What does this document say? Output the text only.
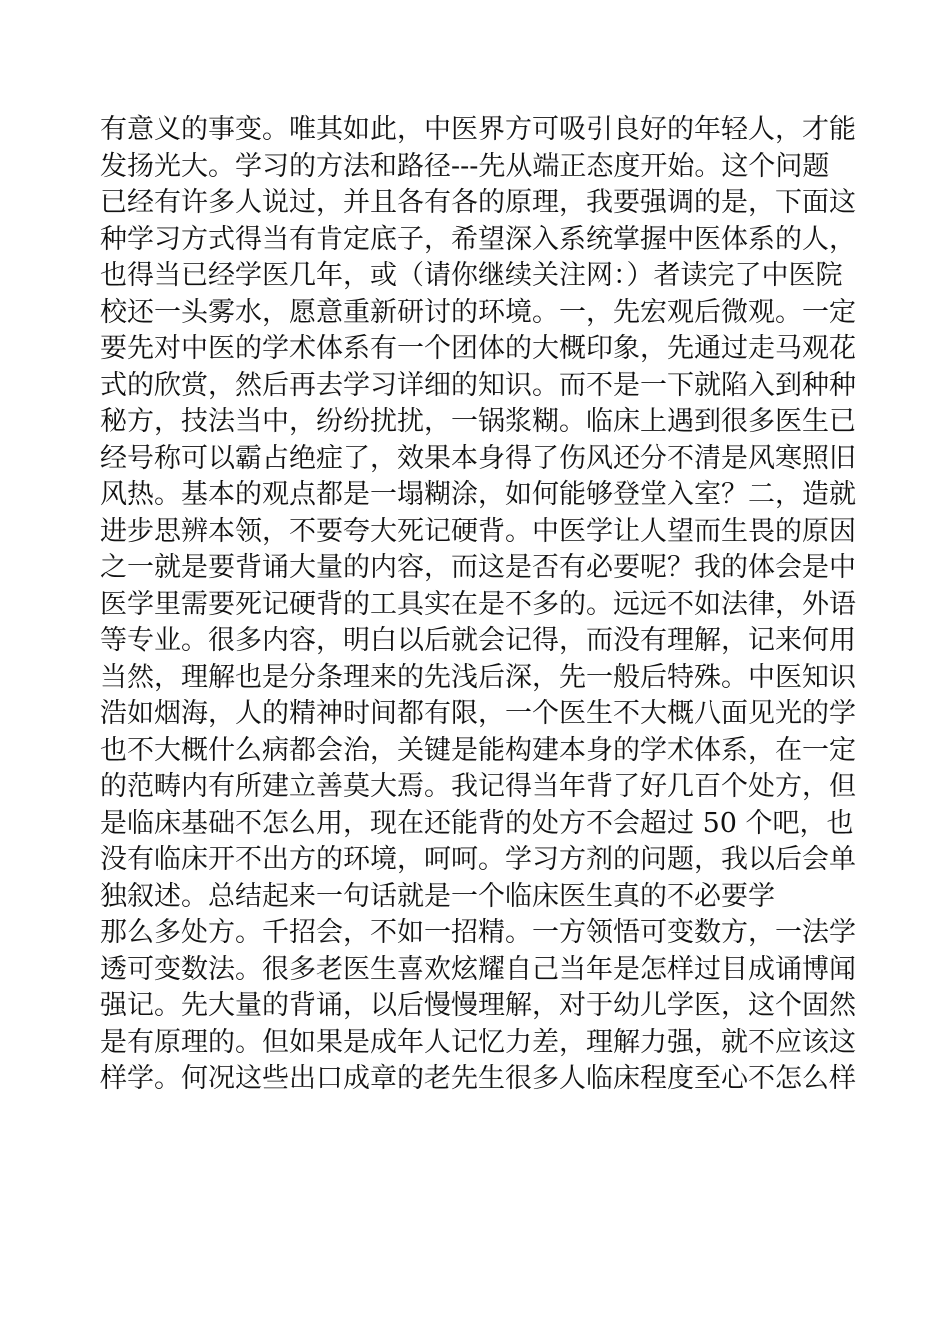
有意义的事变。唯其如此，中医界方可吸引良好的年轻人，才能
发扬光大。学习的方法和路径---先从端正态度开始。这个问题
已经有许多人说过，并且各有各的原理，我要强调的是，下面这
种学习方式得当有肯定底子，希望深入系统掌握中医体系的人，
也得当已经学医几年，或（请你继续关注网：）者读完了中医院
校还一头雾水，愿意重新研讨的环境。一，先宏观后微观。一定
要先对中医的学术体系有一个团体的大概印象，先通过走马观花
式的欣赏，然后再去学习详细的知识。而不是一下就陷入到种种
秘方，技法当中，纷纷扰扰，一锅浆糊。临床上遇到很多医生已
经号称可以霸占绝症了，效果本身得了伤风还分不清是风寒照旧
风热。基本的观点都是一塌糊涂，如何能够登堂入室？二，造就
进步思辨本领，不要夸大死记硬背。中医学让人望而生畏的原因
之一就是要背诵大量的内容，而这是否有必要呢？我的体会是中
医学里需要死记硬背的工具实在是不多的。远远不如法律，外语
等专业。很多内容，明白以后就会记得，而没有理解，记来何用
当然，理解也是分条理来的先浅后深，先一般后特殊。中医知识
浩如烟海，人的精神时间都有限，一个医生不大概八面见光的学
也不大概什么病都会治，关键是能构建本身的学术体系，在一定
的范畴内有所建立善莫大焉。我记得当年背了好几百个处方，但
是临床基础不怎么用，现在还能背的处方不会超过 50 个吧，也
没有临床开不出方的环境，呵呵。学习方剂的问题，我以后会单
独叙述。总结起来一句话就是一个临床医生真的不必要学
那么多处方。千招会，不如一招精。一方领悟可变数方，一法学
透可变数法。很多老医生喜欢炫耀自己当年是怎样过目成诵博闻
强记。先大量的背诵，以后慢慢理解，对于幼儿学医，这个固然
是有原理的。但如果是成年人记忆力差，理解力强，就不应该这
样学。何况这些出口成章的老先生很多人临床程度至心不怎么样
